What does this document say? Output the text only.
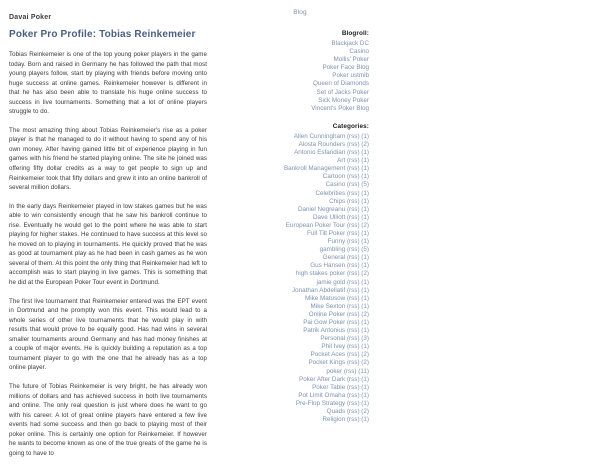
Blog
Davai Poker
Poker Pro Profile: Tobias Reinkemeier

Tobias Reinkemeier is one of the top young poker players in the game today. Born and raised in Germany he has followed the path that most young players follow, start by playing with friends before moving onto huge success at online games. Reinkemeier however is different in that he has also been able to translate his huge online success to success in live tournaments. Something that a lot of online players struggle to do.

The most amazing thing about Tobias Reinkemeier's rise as a poker player is that he managed to do it without having to spend any of his own money. After having gained little bit of experience playing in fun games with his friend he started playing online. The site he joined was offering fifty dollar credits as a way to get people to sign up and Reinkemeier took that fifty dollars and grew it into an online bankroll of several million dollars.

In the early days Reinkemeier played in low stakes games but he was able to win consistently enough that he saw his bankroll continue to rise. Eventually he would get to the point where he was able to start playing for higher stakes. He continued to have success at this level so he moved on to playing in tournaments. He quickly proved that he was as good at tournament play as he had been in cash games as he won several of them. At this point the only thing that Reinkemeier had left to accomplish was to start playing in live games. This is something that he did at the European Poker Tour event in Dortmund.

The first live tournament that Reinkemeier entered was the EPT event in Dortmund and he promptly won this event. This would lead to a whole series of other live tournaments that he would play in with results that would prove to be equally good. Has had wins in several smaller tournaments around Germany and has had money finishes at a couple of major events. He is quickly building a reputation as a top tournament player to go with the one that he already has as a top online player.

The future of Tobias Reinkemeier is very bright, he has already won millions of dollars and has achieved success in both live tournaments and online. The only real question is just where does he want to go with his career. A lot of great online players have entered a few live events had some success and then go back to playing most of their poker online. This is certainly one option for Reinkemeier. If however he wants to become known as one of the true greats of the game he is going to have to

Blogroll:
Blackjack DC
Casino
Mollis' Poker
Poker Face Blog
Poker ustmib
Queen of Diamonds
Set of Jacks Poker
Sick Money Poker
Vincent's Poker Blog
Categories:
Allen Cunningham (rss) (1)
Alosta Rounders (rss) (2)
Antonio Esfandiari (rss) (1)
Art (rss) (1)
Bankroll Management (rss) (1)
Cartoon (rss) (1)
Casino (rss) (5)
Celebrities (rss) (1)
Chips (rss) (1)
Daniel Negreanu (rss) (1)
Dave Ulliott (rss) (1)
European Poker Tour (rss) (2)
Full Tilt Poker (rss) (1)
Funny (rss) (1)
gambling (rss) (5)
General (rss) (1)
Gus Hansen (rss) (1)
high stakes poker (rss) (2)
jamie gold (rss) (1)
Jonathan Abdellatif (rss) (1)
Mike Matusow (rss) (1)
Mike Sexton (rss) (1)
Online Poker (rss) (2)
Pai Gow Poker (rss) (1)
Patrik Antonius (rss) (1)
Personal (rss) (3)
Phil Ivey (rss) (1)
Pocket Aces (rss) (2)
Pocket Kings (rss) (2)
poker (rss) (11)
Poker After Dark (rss) (1)
Poker Table (rss) (1)
Pot Limit Omaha (rss) (1)
Pre-Flop Strategy (rss) (1)
Quads (rss) (2)
Religion (rss) (1)
